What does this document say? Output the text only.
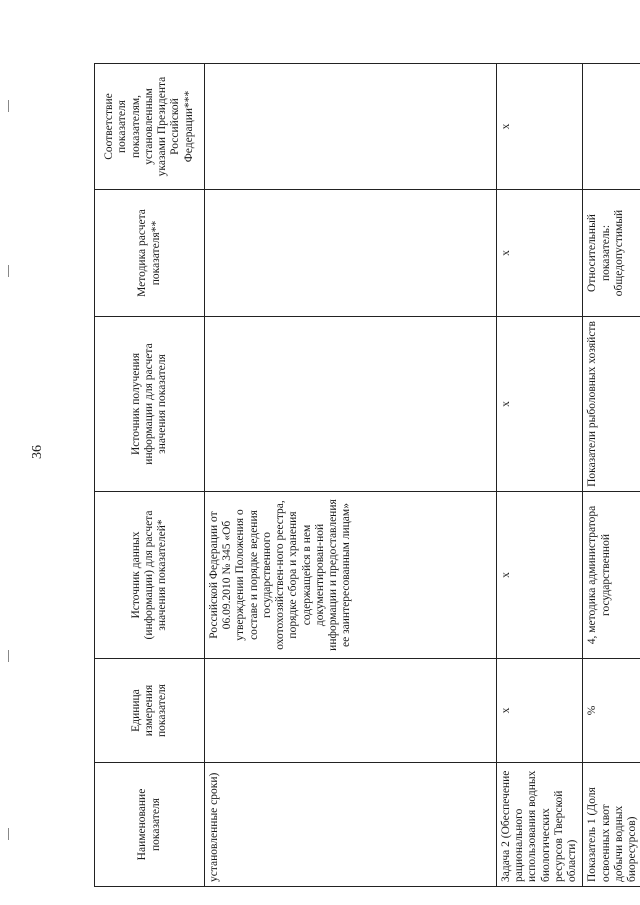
36
Наименование показателя	Единица измерения показателя	Источник данных (информации) для расчета значения показателей*	Источник получения информации для расчета значения показателя	Методика расчета показателя**	Соответствие показателя показателям, установленным указами Президента Российской Федерации***
установленные сроки)		Российской Федерации от 06.09.2010 № 345 «Об утверждении Положения о составе и порядке ведения государственного охотохозяйствен-ного реестра, порядке сбора и хранения содержащейся в нем документирован-ной информации и предоставления ее заинтересованным лицам»			
Задача 2 (Обеспечение рационального использования водных биологических ресурсов Тверской области)	х	х	х	х	х
Показатель 1 (Доля освоенных квот добычи водных биоресурсов)	%	4, методика администратора государственной	Показатели рыболовных хозяйств	Относительный показатель: общедопустимый	
